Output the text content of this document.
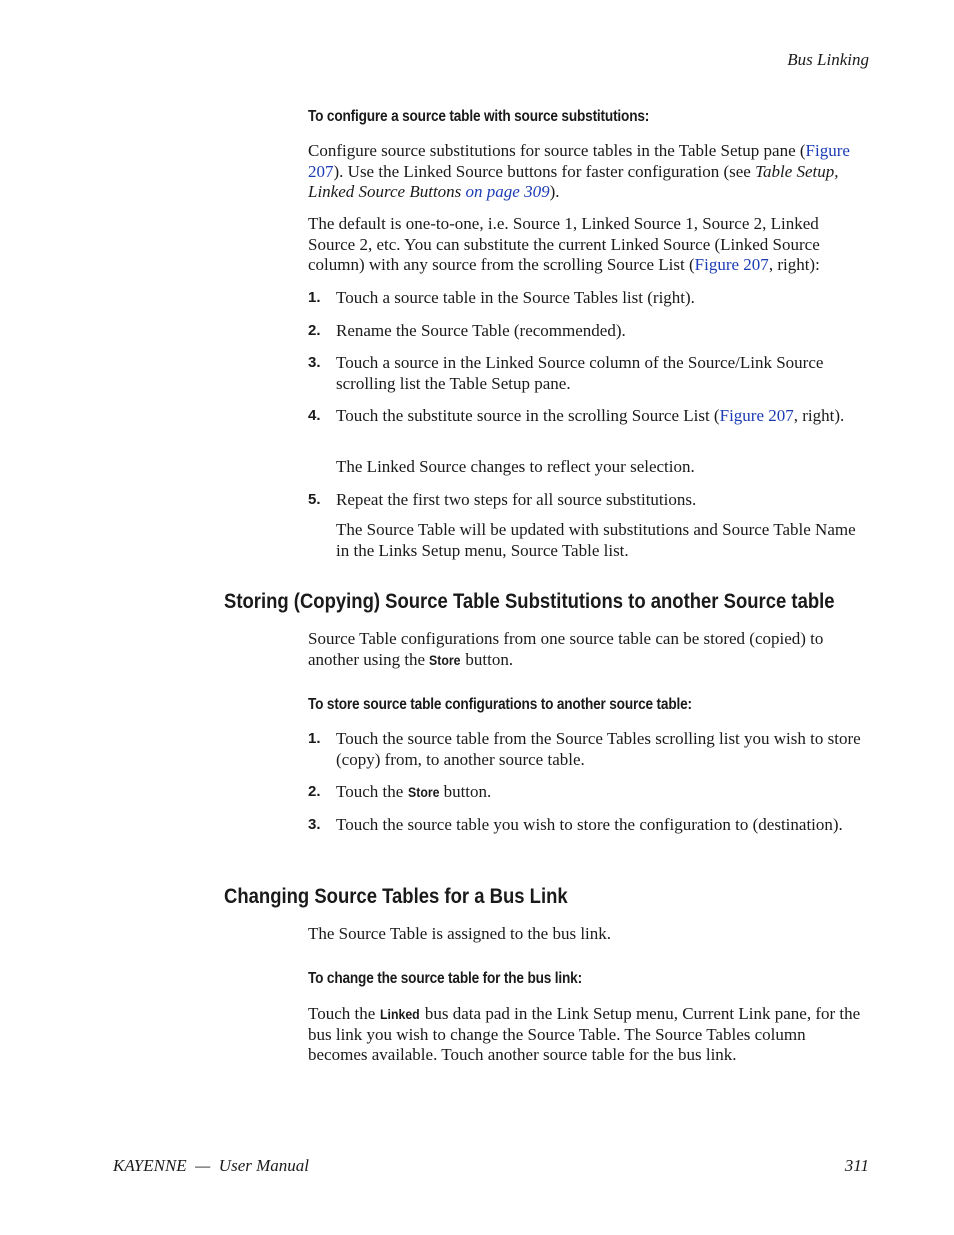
Bus Linking

To configure a source table with source substitutions:

Configure source substitutions for source tables in the Table Setup pane (Figure 207). Use the Linked Source buttons for faster configuration (see Table Setup, Linked Source Buttons on page 309).

The default is one-to-one, i.e. Source 1, Linked Source 1, Source 2, Linked Source 2, etc. You can substitute the current Linked Source (Linked Source column) with any source from the scrolling Source List (Figure 207, right):

1. Touch a source table in the Source Tables list (right).
2. Rename the Source Table (recommended).
3. Touch a source in the Linked Source column of the Source/Link Source scrolling list the Table Setup pane.
4. Touch the substitute source in the scrolling Source List (Figure 207, right).
The Linked Source changes to reflect your selection.
5. Repeat the first two steps for all source substitutions.
The Source Table will be updated with substitutions and Source Table Name in the Links Setup menu, Source Table list.

Source Table configurations from one source table can be stored (copied) to another using the Store button.

To store source table configurations to another source table:

1. Touch the source table from the Source Tables scrolling list you wish to store (copy) from, to another source table.
2. Touch the Store button.
3. Touch the source table you wish to store the configuration to (destination).

The Source Table is assigned to the bus link.

To change the source table for the bus link:

Touch the Linked bus data pad in the Link Setup menu, Current Link pane, for the bus link you wish to change the Source Table. The Source Tables column becomes available. Touch another source table for the bus link.

Storing (Copying) Source Table Substitutions to another Source table
Changing Source Tables for a Bus Link
KAYENNE  —  User Manual	311
